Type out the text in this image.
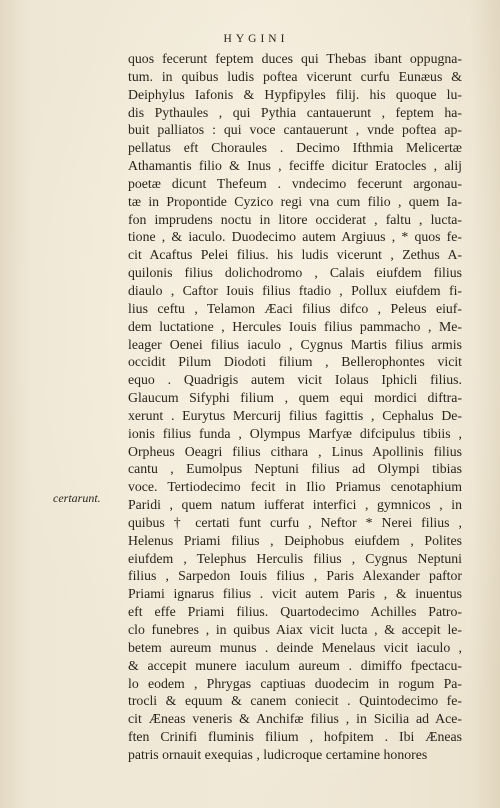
HYGINI
certarunt.
quos fecerunt feptem duces qui Thebas ibant oppugna-
tum. in quibus ludis poftea vicerunt curfu Eunæus &
Deiphylus Iafonis & Hypfipyles filij. his quoque lu-
dis Pythaules , qui Pythia cantauerunt , feptem ha-
buit palliatos : qui voce cantauerunt , vnde poftea ap-
pellatus eft Choraules . Decimo Ifthmia Melicertæ
Athamantis filio & Inus , feciffe dicitur Eratocles , alij
poetæ dicunt Thefeum . vndecimo fecerunt argonau-
tæ in Propontide Cyzico regi vna cum filio , quem Ia-
fon imprudens noctu in litore occiderat , faltu , lucta-
tione , & iaculo. Duodecimo autem Argiuus , * quos fe-
cit Acaftus Pelei filius. his ludis vicerunt , Zethus A-
quilonis filius dolichodromo , Calais eiufdem filius
diaulo , Caftor Iouis filius ftadio , Pollux eiufdem fi-
lius ceftu , Telamon Æaci filius difco , Peleus eiuf-
dem luctatione , Hercules Iouis filius pammacho , Me-
leager Oenei filius iaculo , Cygnus Martis filius armis
occidit Pilum Diodoti filium , Bellerophontes vicit
equo . Quadrigis autem vicit Iolaus Iphicli filius.
Glaucum Sifyphi filium , quem equi mordici diftra-
xerunt . Eurytus Mercurij filius fagittis , Cephalus De-
ionis filius funda , Olympus Marfyæ difcipulus tibiis ,
Orpheus Oeagri filius cithara , Linus Apollinis filius
cantu , Eumolpus Neptuni filius ad Olympi tibias
voce. Tertiodecimo fecit in Ilio Priamus cenotaphium
Paridi , quem natum iufferat interfici , gymnicos , in
quibus † certati funt curfu , Neftor * Nerei filius ,
Helenus Priami filius , Deiphobus eiufdem , Polites
eiufdem , Telephus Herculis filius , Cygnus Neptuni
filius , Sarpedon Iouis filius , Paris Alexander paftor
Priami ignarus filius . vicit autem Paris , & inuentus
eft effe Priami filius. Quartodecimo Achilles Patro-
clo funebres , in quibus Aiax vicit lucta , & accepit le-
betem aureum munus . deinde Menelaus vicit iaculo ,
& accepit munere iaculum aureum . dimiffo fpectacu-
lo eodem , Phrygas captiuas duodecim in rogum Pa-
trocli & equum & canem coniecit . Quintodecimo fe-
cit Æneas veneris & Anchifæ filius , in Sicilia ad Ace-
ften Crinifi fluminis filium , hofpitem . Ibi Æneas
patris ornauit exequias , ludicroque certamine honores
